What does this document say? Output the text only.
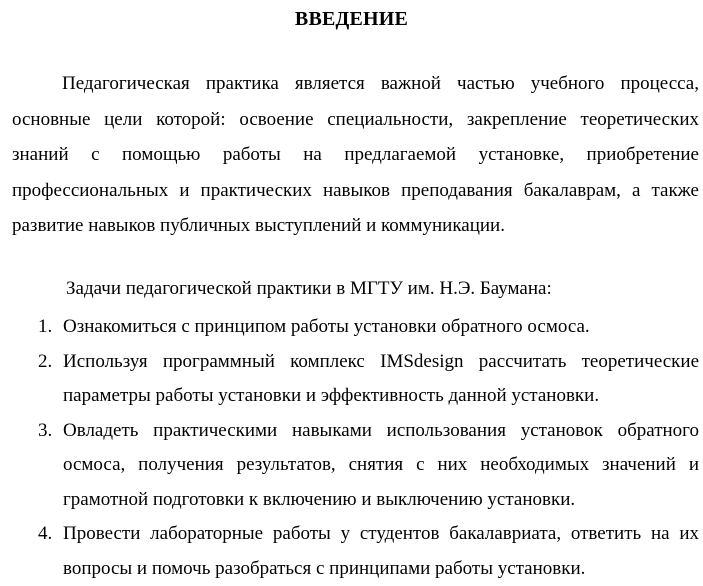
ВВЕДЕНИЕ

Педагогическая практика является важной частью учебного процесса, основные цели которой: освоение специальности, закрепление теоретических знаний с помощью работы на предлагаемой установке, приобретение профессиональных и практических навыков преподавания бакалаврам, а также развитие навыков публичных выступлений и коммуникации.

Задачи педагогической практики в МГТУ им. Н.Э. Баумана:

1. Ознакомиться с принципом работы установки обратного осмоса.
2. Используя программный комплекс IMSdesign рассчитать теоретические параметры работы установки и эффективность данной установки.
3. Овладеть практическими навыками использования установок обратного осмоса, получения результатов, снятия с них необходимых значений и грамотной подготовки к включению и выключению установки.
4. Провести лабораторные работы у студентов бакалавриата, ответить на их вопросы и помочь разобраться с принципами работы установки.
